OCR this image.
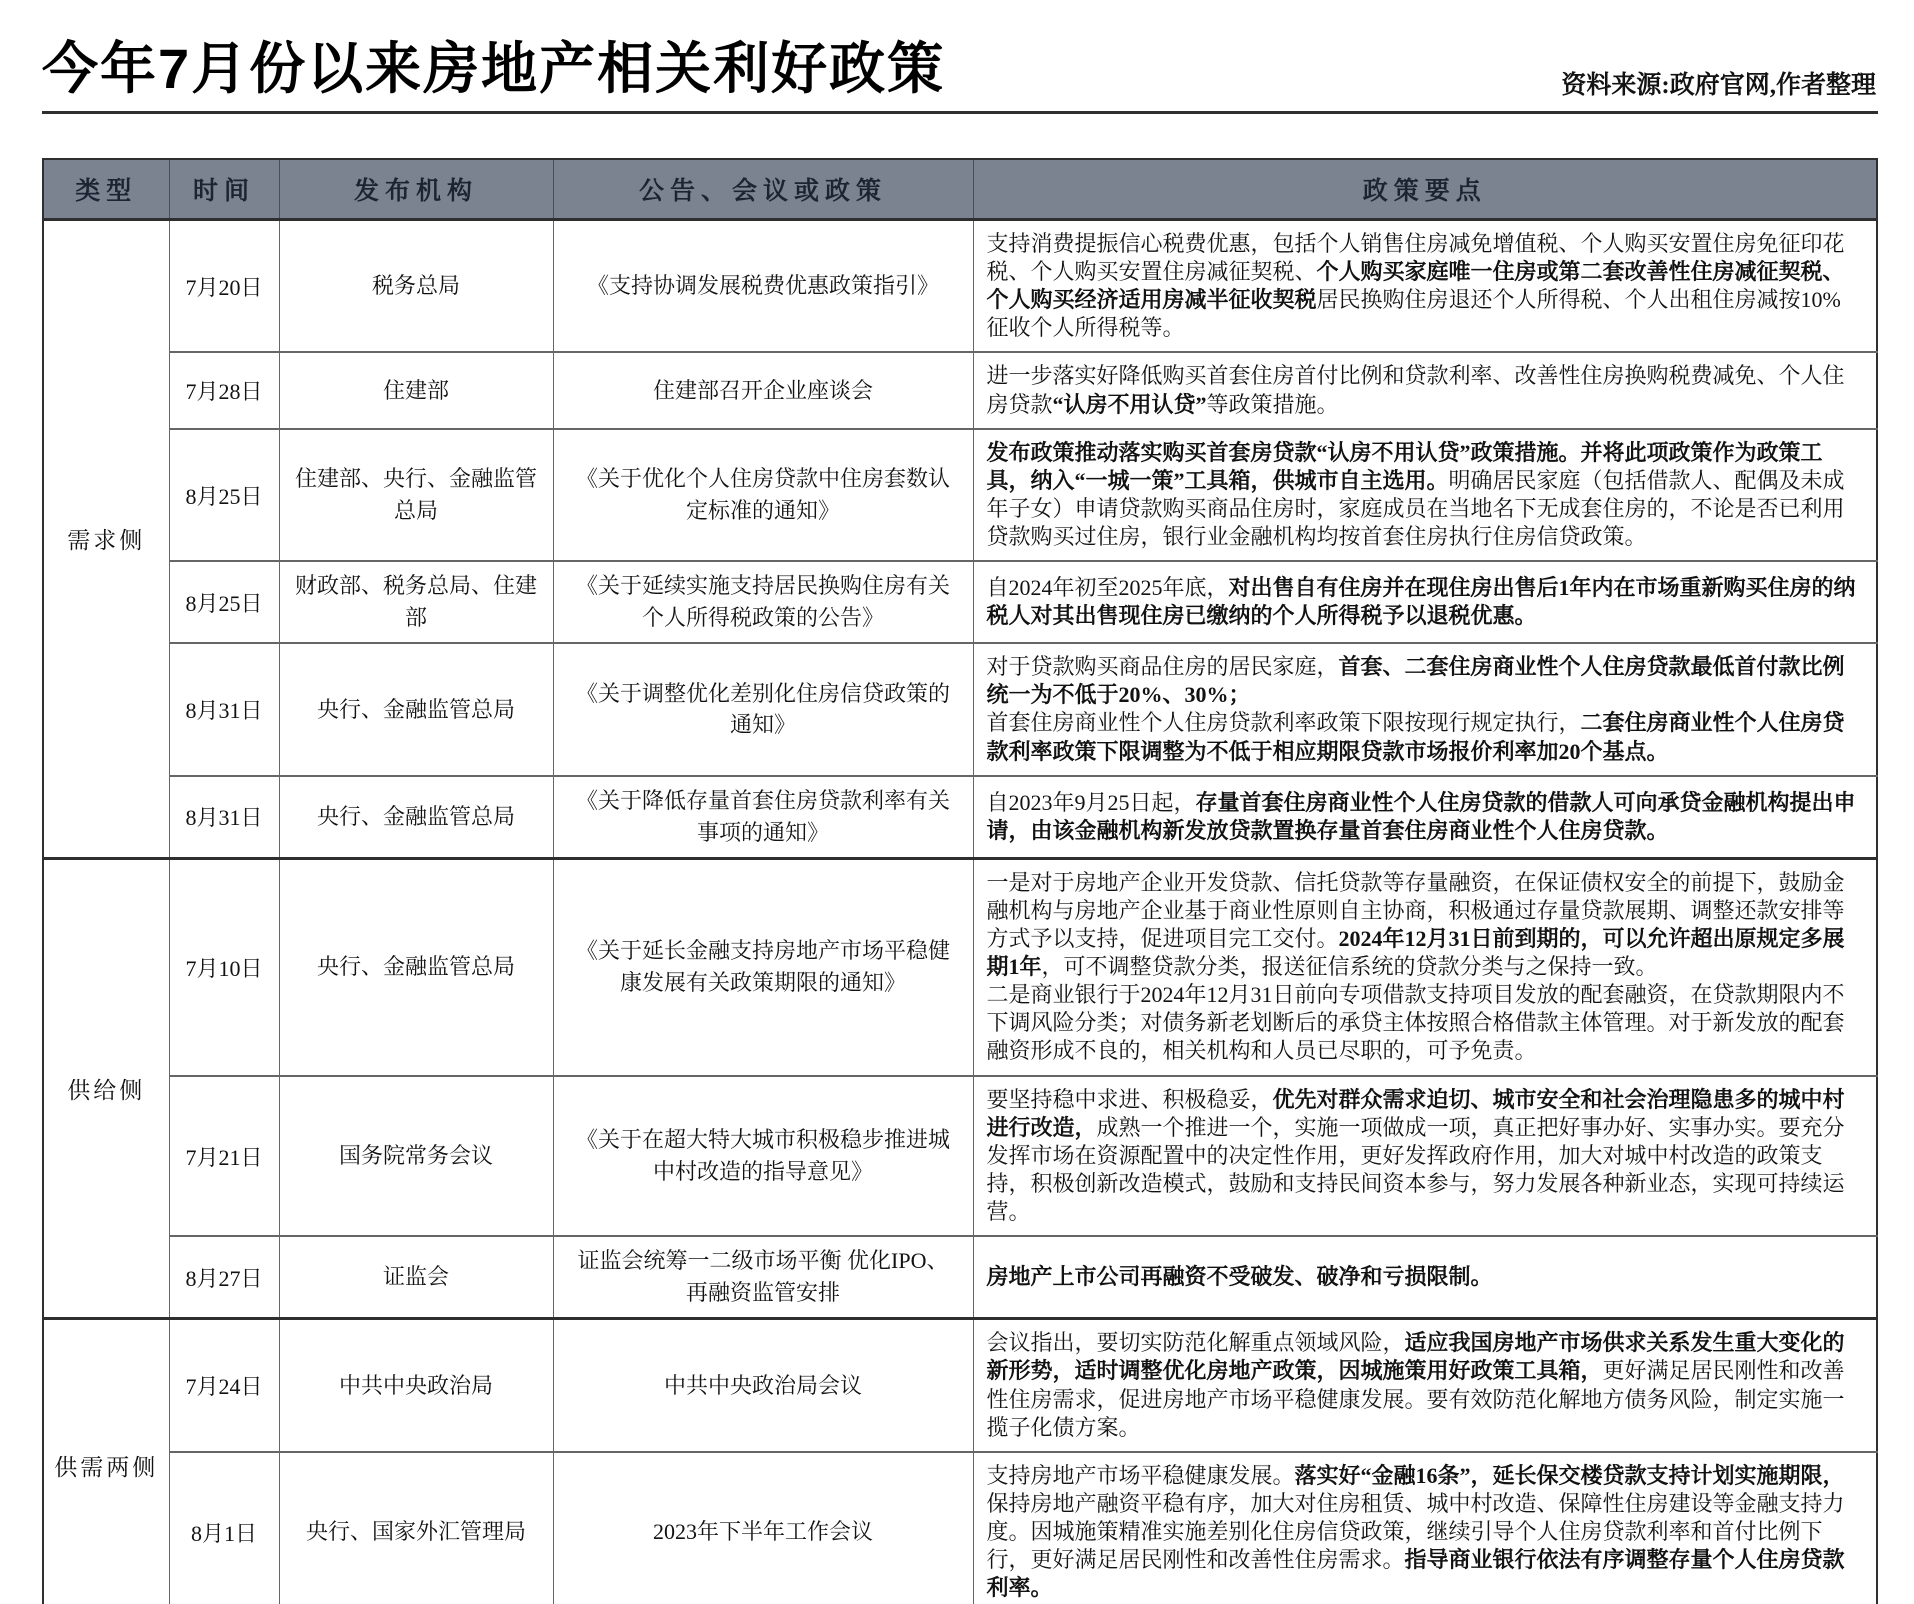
今年7月份以来房地产相关利好政策	资料来源:政府官网,作者整理
类型	时间	发布机构	公告、会议或政策	政策要点
需求侧	7月20日	税务总局	《支持协调发展税费优惠政策指引》	支持消费提振信心税费优惠，包括个人销售住房减免增值税、个人购买安置住房免征印花税、个人购买安置住房减征契税、个人购买家庭唯一住房或第二套改善性住房减征契税、个人购买经济适用房减半征收契税居民换购住房退还个人所得税、个人出租住房减按10%征收个人所得税等。

	7月28日	住建部	住建部召开企业座谈会	进一步落实好降低购买首套住房首付比例和贷款利率、改善性住房换购税费减免、个人住房贷款“认房不用认贷”等政策措施。

	8月25日	住建部、央行、金融监管总局	《关于优化个人住房贷款中住房套数认定标准的通知》	发布政策推动落实购买首套房贷款“认房不用认贷”政策措施。并将此项政策作为政策工具，纳入“一城一策”工具箱，供城市自主选用。明确居民家庭（包括借款人、配偶及未成年子女）申请贷款购买商品住房时，家庭成员在当地名下无成套住房的，不论是否已利用贷款购买过住房，银行业金融机构均按首套住房执行住房信贷政策。

	8月25日	财政部、税务总局、住建部	《关于延续实施支持居民换购住房有关个人所得税政策的公告》	自2024年初至2025年底，对出售自有住房并在现住房出售后1年内在市场重新购买住房的纳税人对其出售现住房已缴纳的个人所得税予以退税优惠。

	8月31日	央行、金融监管总局	《关于调整优化差别化住房信贷政策的通知》	对于贷款购买商品住房的居民家庭，首套、二套住房商业性个人住房贷款最低首付款比例统一为不低于20%、30%；

首套住房商业性个人住房贷款利率政策下限按现行规定执行，二套住房商业性个人住房贷款利率政策下限调整为不低于相应期限贷款市场报价利率加20个基点。

	8月31日	央行、金融监管总局	《关于降低存量首套住房贷款利率有关事项的通知》	自2023年9月25日起，存量首套住房商业性个人住房贷款的借款人可向承贷金融机构提出申请，由该金融机构新发放贷款置换存量首套住房商业性个人住房贷款。

供给侧	7月10日	央行、金融监管总局	《关于延长金融支持房地产市场平稳健康发展有关政策期限的通知》	一是对于房地产企业开发贷款、信托贷款等存量融资，在保证债权安全的前提下，鼓励金融机构与房地产企业基于商业性原则自主协商，积极通过存量贷款展期、调整还款安排等方式予以支持，促进项目完工交付。2024年12月31日前到期的，可以允许超出原规定多展期1年，可不调整贷款分类，报送征信系统的贷款分类与之保持一致。

二是商业银行于2024年12月31日前向专项借款支持项目发放的配套融资，在贷款期限内不下调风险分类；对债务新老划断后的承贷主体按照合格借款主体管理。对于新发放的配套融资形成不良的，相关机构和人员已尽职的，可予免责。

	7月21日	国务院常务会议	《关于在超大特大城市积极稳步推进城中村改造的指导意见》	要坚持稳中求进、积极稳妥，优先对群众需求迫切、城市安全和社会治理隐患多的城中村进行改造，成熟一个推进一个，实施一项做成一项，真正把好事办好、实事办实。要充分发挥市场在资源配置中的决定性作用，更好发挥政府作用，加大对城中村改造的政策支持，积极创新改造模式，鼓励和支持民间资本参与，努力发展各种新业态，实现可持续运营。

	8月27日	证监会	证监会统筹一二级市场平衡 优化IPO、再融资监管安排	房地产上市公司再融资不受破发、破净和亏损限制。

供需两侧	7月24日	中共中央政治局	中共中央政治局会议	会议指出，要切实防范化解重点领域风险，适应我国房地产市场供求关系发生重大变化的新形势，适时调整优化房地产政策，因城施策用好政策工具箱，更好满足居民刚性和改善性住房需求，促进房地产市场平稳健康发展。要有效防范化解地方债务风险，制定实施一揽子化债方案。

	8月1日	央行、国家外汇管理局	2023年下半年工作会议	支持房地产市场平稳健康发展。落实好“金融16条”，延长保交楼贷款支持计划实施期限，保持房地产融资平稳有序，加大对住房租赁、城中村改造、保障性住房建设等金融支持力度。因城施策精准实施差别化住房信贷政策，继续引导个人住房贷款利率和首付比例下行，更好满足居民刚性和改善性住房需求。指导商业银行依法有序调整存量个人住房贷款利率。
